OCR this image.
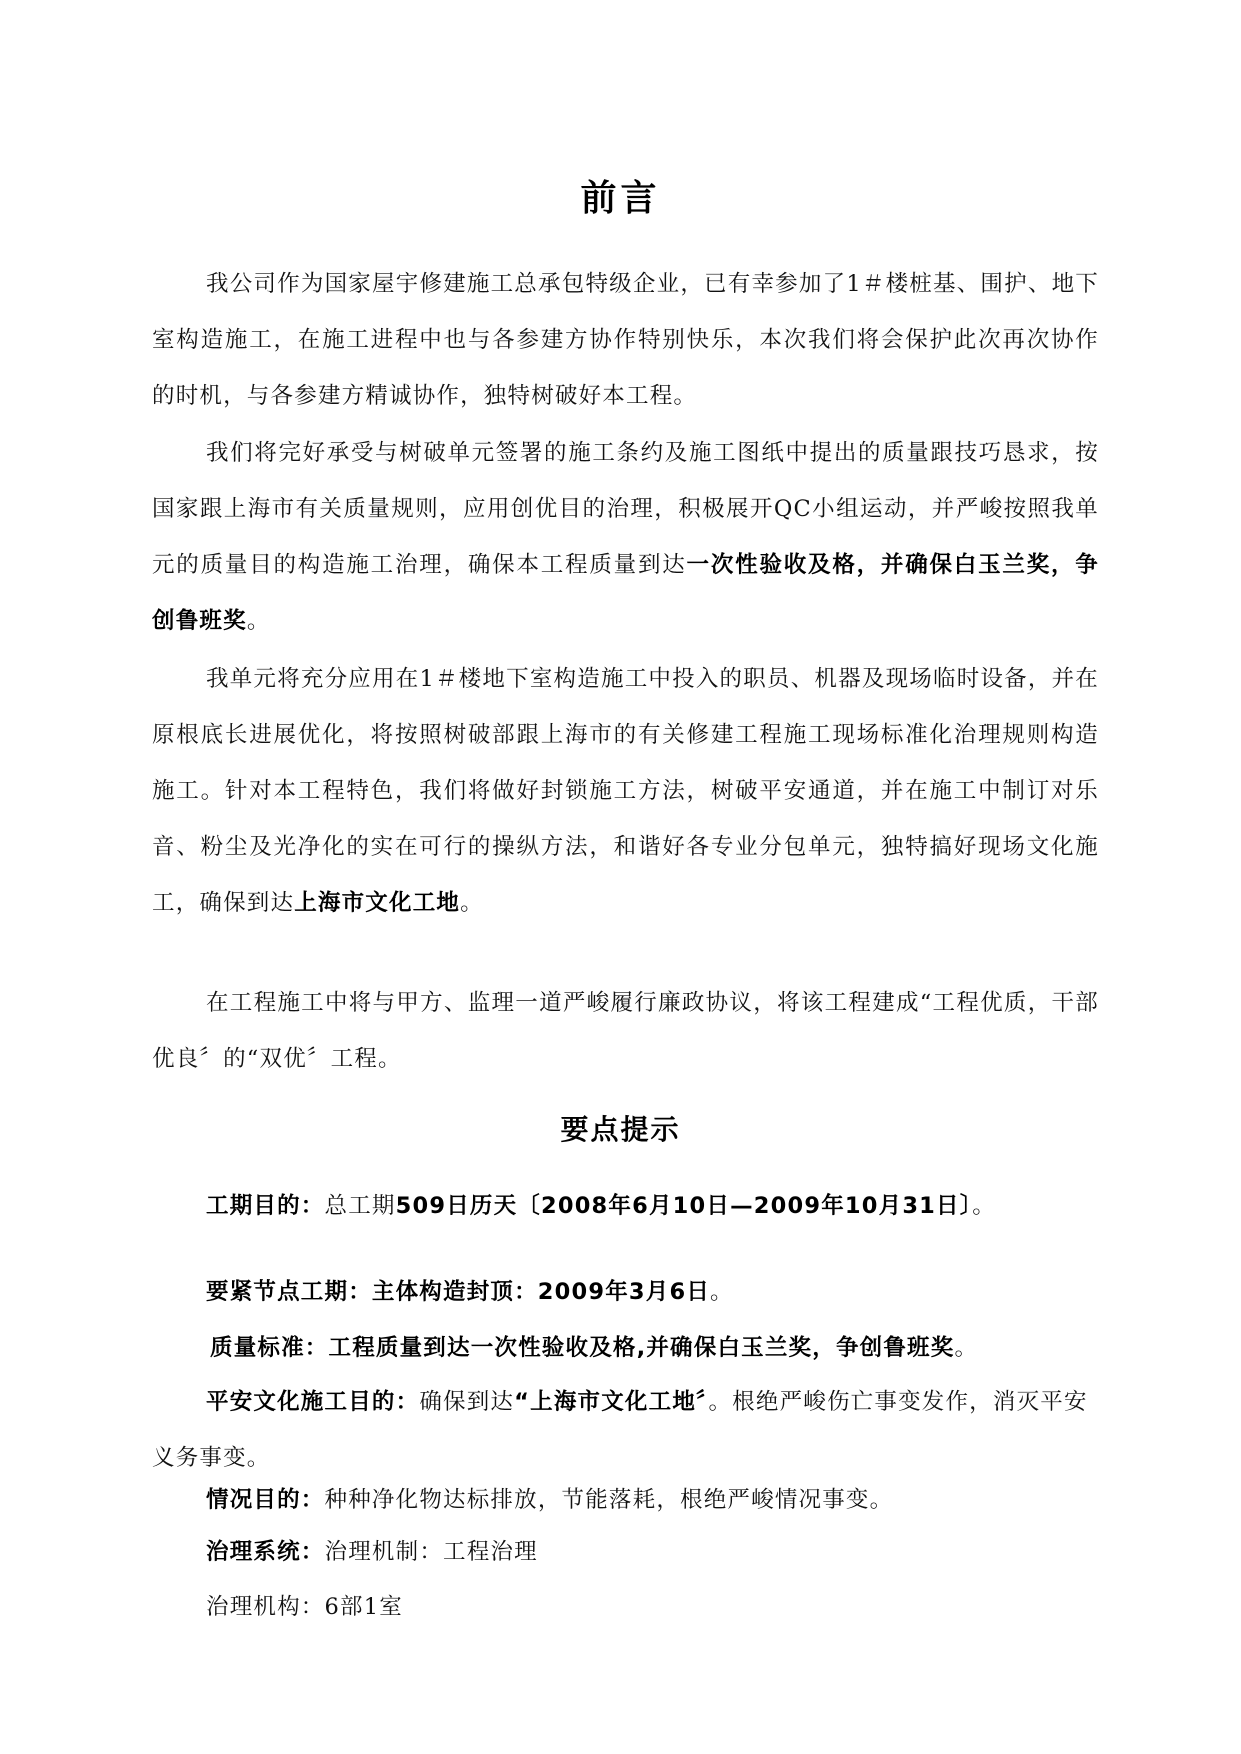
前言

我公司作为国家屋宇修建施工总承包特级企业，已有幸参加了1＃楼桩基、围护、地下室构造施工，在施工进程中也与各参建方协作特别快乐，本次我们将会保护此次再次协作的时机，与各参建方精诚协作，独特树破好本工程。

我们将完好承受与树破单元签署的施工条约及施工图纸中提出的质量跟技巧恳求，按国家跟上海市有关质量规则，应用创优目的治理，积极展开QC小组运动，并严峻按照我单元的质量目的构造施工治理，确保本工程质量到达一次性验收及格，并确保白玉兰奖，争创鲁班奖。

我单元将充分应用在1＃楼地下室构造施工中投入的职员、机器及现场临时设备，并在原根底长进展优化，将按照树破部跟上海市的有关修建工程施工现场标准化治理规则构造施工。针对本工程特色，我们将做好封锁施工方法，树破平安通道，并在施工中制订对乐音、粉尘及光净化的实在可行的操纵方法，和谐好各专业分包单元，独特搞好现场文化施工，确保到达上海市文化工地。

在工程施工中将与甲方、监理一道严峻履行廉政协议，将该工程建成“工程优质，干部优良〞的“双优〞工程。

要点提示

工期目的：总工期509日历天〔2008年6月10日—2009年10月31日〕。

要紧节点工期：主体构造封顶：2009年3月6日。

质量标准：工程质量到达一次性验收及格,并确保白玉兰奖，争创鲁班奖。

平安文化施工目的：确保到达“上海市文化工地〞。根绝严峻伤亡事变发作，消灭平安义务事变。

情况目的：种种净化物达标排放，节能落耗，根绝严峻情况事变。

治理系统：治理机制：工程治理

治理机构：6部1室
